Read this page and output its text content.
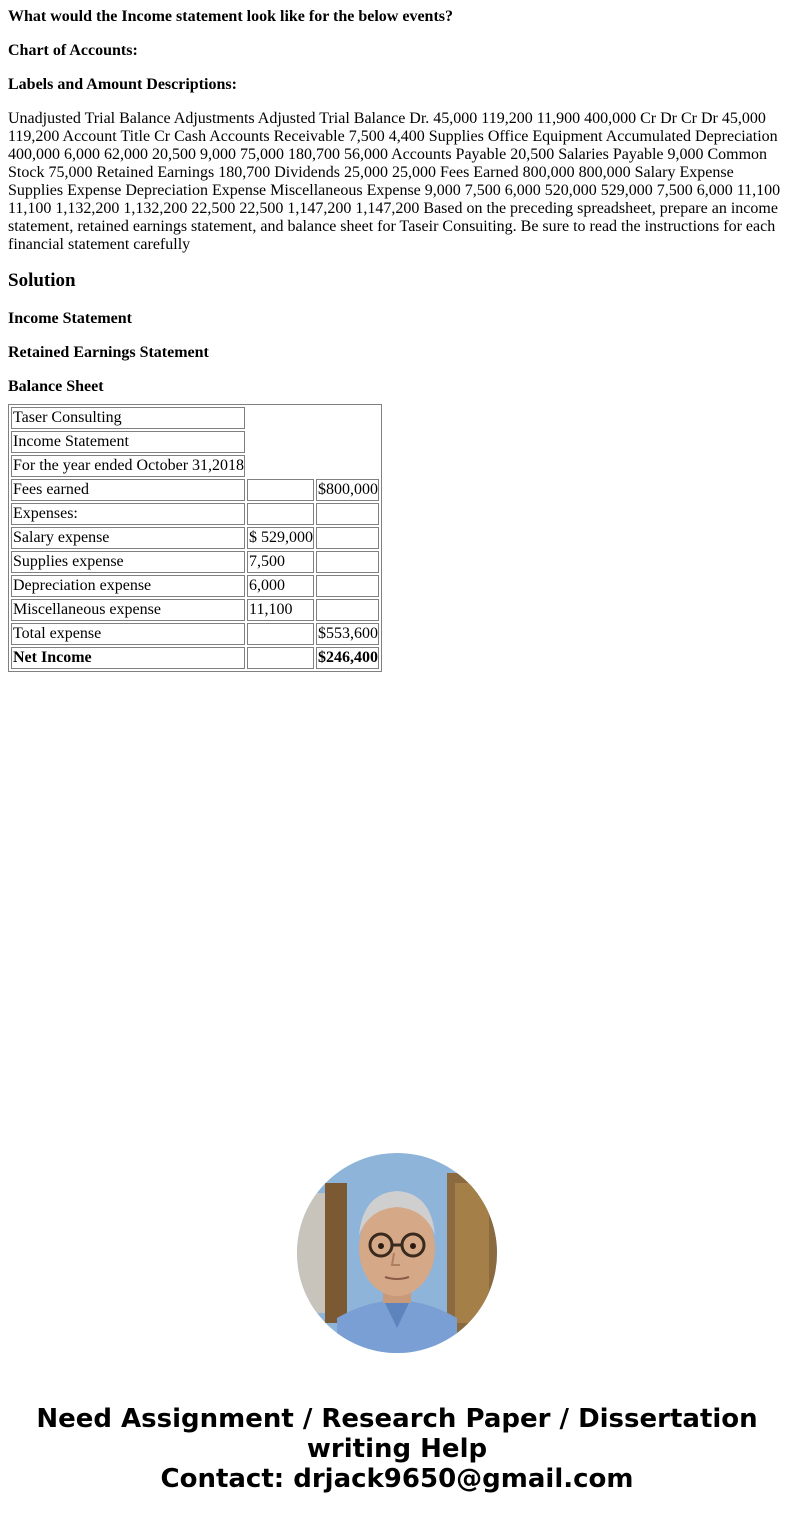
What would the Income statement look like for the below events?

Chart of Accounts:

Labels and Amount Descriptions:

Unadjusted Trial Balance Adjustments Adjusted Trial Balance Dr. 45,000 119,200 11,900 400,000 Cr Dr Cr Dr 45,000 119,200 Account Title Cr Cash Accounts Receivable 7,500 4,400 Supplies Office Equipment Accumulated Depreciation 400,000 6,000 62,000 20,500 9,000 75,000 180,700 56,000 Accounts Payable 20,500 Salaries Payable 9,000 Common Stock 75,000 Retained Earnings 180,700 Dividends 25,000 25,000 Fees Earned 800,000 800,000 Salary Expense Supplies Expense Depreciation Expense Miscellaneous Expense 9,000 7,500 6,000 520,000 529,000 7,500 6,000 11,100 11,100 1,132,200 1,132,200 22,500 22,500 1,147,200 1,147,200 Based on the preceding spreadsheet, prepare an income statement, retained earnings statement, and balance sheet for Taseir Consuiting. Be sure to read the instructions for each financial statement carefully

Solution

Income Statement

Retained Earnings Statement

Balance Sheet

Taser Consulting		
Income Statement		
For the year ended October 31,2018		
Fees earned		$800,000
Expenses:		
Salary expense	$ 529,000	
Supplies expense	7,500	
Depreciation expense	6,000	
Miscellaneous expense	11,100	
Total expense		$553,600
Net Income		$246,400
Need Assignment / Research Paper / Dissertation
writing Help
Contact: drjack9650@gmail.com
